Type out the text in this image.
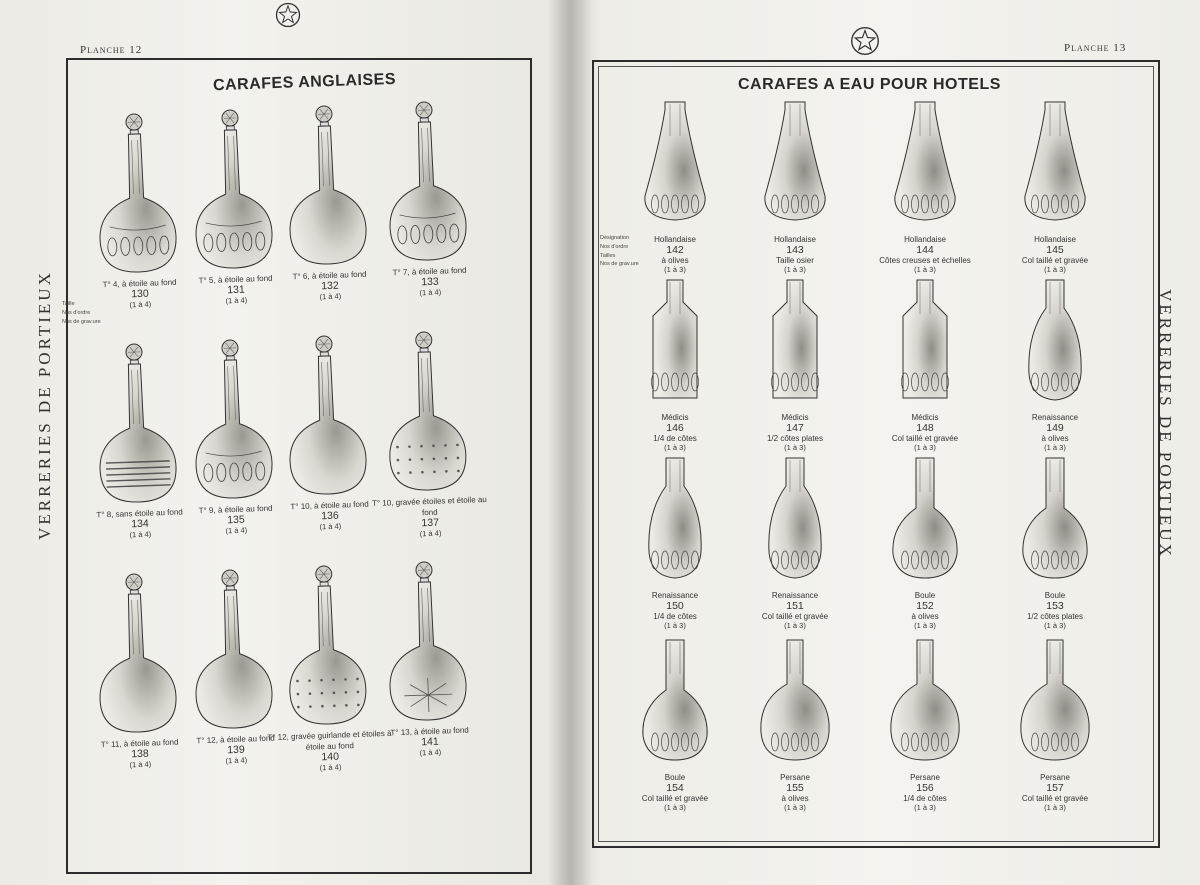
Planche 12
CARAFES ANGLAISES
VERRERIES DE PORTIEUX Taille
Nos d'ordre
Nos de grav.ure
T° 4, à étoile au fond
130
(1 à 4)
T° 5, à étoile au fond
131
(1 à 4)
T° 6, à étoile au fond
132
(1 à 4)
T° 7, à étoile au fond
133
(1 à 4)
T° 8, sans étoile au fond
134
(1 à 4)
T° 9, à étoile au fond
135
(1 à 4)
T° 10, à étoile au fond
136
(1 à 4)
T° 10, gravée étoiles et étoile au fond
137
(1 à 4)
T° 11, à étoile au fond
138
(1 à 4)
T° 12, à étoile au fond
139
(1 à 4)
T° 12, gravée guirlande et étoiles à étoile au fond
140
(1 à 4)
T° 13, à étoile au fond
141
(1 à 4)
Planche 13
CARAFES A EAU POUR HOTELS
VERRERIES DE PORTIEUX
Désignation
Nos d'ordre
Tailles
Nos de grav.ure
Hollandaise
142
à olives
(1 à 3)
Hollandaise
143
Taille osier
(1 à 3)
Hollandaise
144
Côtes creuses et échelles
(1 à 3)
Hollandaise
145
Col taillé et gravée
(1 à 3)
Médicis
146
1/4 de côtes
(1 à 3)
Médicis
147
1/2 côtes plates
(1 à 3)
Médicis
148
Col taillé et gravée
(1 à 3)
Renaissance
149
à olives
(1 à 3)
Renaissance
150
1/4 de côtes
(1 à 3)
Renaissance
151
Col taillé et gravée
(1 à 3)
Boule
152
à olives
(1 à 3)
Boule
153
1/2 côtes plates
(1 à 3)
Boule
154
Col taillé et gravée
(1 à 3)
Persane
155
à olives
(1 à 3)
Persane
156
1/4 de côtes
(1 à 3)
Persane
157
Col taillé et gravée
(1 à 3)
